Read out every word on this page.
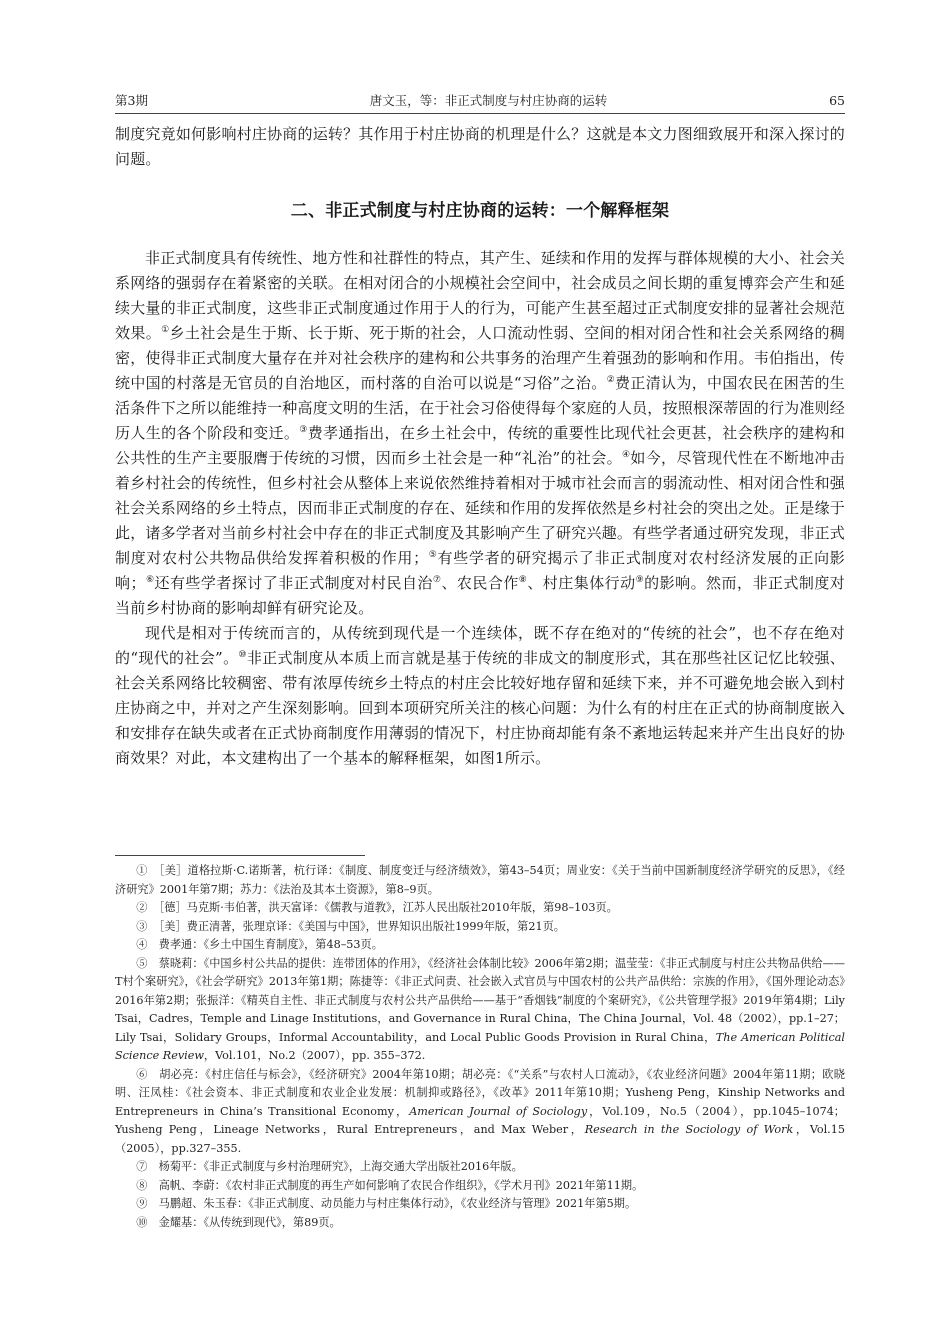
第3期	唐文玉，等：非正式制度与村庄协商的运转	65

制度究竟如何影响村庄协商的运转？其作用于村庄协商的机理是什么？这就是本文力图细致展开和深入探讨的问题。

二、非正式制度与村庄协商的运转：一个解释框架

非正式制度具有传统性、地方性和社群性的特点，其产生、延续和作用的发挥与群体规模的大小、社会关系网络的强弱存在着紧密的关联。在相对闭合的小规模社会空间中，社会成员之间长期的重复博弈会产生和延续大量的非正式制度，这些非正式制度通过作用于人的行为，可能产生甚至超过正式制度安排的显著社会规范效果。①乡土社会是生于斯、长于斯、死于斯的社会，人口流动性弱、空间的相对闭合性和社会关系网络的稠密，使得非正式制度大量存在并对社会秩序的建构和公共事务的治理产生着强劲的影响和作用。韦伯指出，传统中国的村落是无官员的自治地区，而村落的自治可以说是“习俗”之治。②费正清认为，中国农民在困苦的生活条件下之所以能维持一种高度文明的生活，在于社会习俗使得每个家庭的人员，按照根深蒂固的行为准则经历人生的各个阶段和变迁。③费孝通指出，在乡土社会中，传统的重要性比现代社会更甚，社会秩序的建构和公共性的生产主要服膺于传统的习惯，因而乡土社会是一种“礼治”的社会。④如今，尽管现代性在不断地冲击着乡村社会的传统性，但乡村社会从整体上来说依然维持着相对于城市社会而言的弱流动性、相对闭合性和强社会关系网络的乡土特点，因而非正式制度的存在、延续和作用的发挥依然是乡村社会的突出之处。正是缘于此，诸多学者对当前乡村社会中存在的非正式制度及其影响产生了研究兴趣。有些学者通过研究发现，非正式制度对农村公共物品供给发挥着积极的作用；⑤有些学者的研究揭示了非正式制度对农村经济发展的正向影响；⑥还有些学者探讨了非正式制度对村民自治⑦、农民合作⑧、村庄集体行动⑨的影响。然而，非正式制度对当前乡村协商的影响却鲜有研究论及。

现代是相对于传统而言的，从传统到现代是一个连续体，既不存在绝对的“传统的社会”，也不存在绝对的“现代的社会”。⑩非正式制度从本质上而言就是基于传统的非成文的制度形式，其在那些社区记忆比较强、社会关系网络比较稠密、带有浓厚传统乡土特点的村庄会比较好地存留和延续下来，并不可避免地会嵌入到村庄协商之中，并对之产生深刻影响。回到本项研究所关注的核心问题：为什么有的村庄在正式的协商制度嵌入和安排存在缺失或者在正式协商制度作用薄弱的情况下，村庄协商却能有条不紊地运转起来并产生出良好的协商效果？对此，本文建构出了一个基本的解释框架，如图1所示。

①　 ［美］道格拉斯·C.诺斯著，杭行译：《制度、制度变迁与经济绩效》，第43–54页；周业安：《关于当前中国新制度经济学研究的反思》，《经济研究》2001年第7期；苏力：《法治及其本土资源》，第8–9页。

②　 ［德］马克斯·韦伯著，洪天富译：《儒教与道教》，江苏人民出版社2010年版，第98–103页。

③　 ［美］费正清著，张理京译：《美国与中国》，世界知识出版社1999年版，第21页。

④　 费孝通：《乡土中国生育制度》，第48–53页。

⑤　 蔡晓莉：《中国乡村公共品的提供：连带团体的作用》，《经济社会体制比较》2006年第2期；温莹莹：《非正式制度与村庄公共物品供给——T村个案研究》，《社会学研究》2013年第1期；陈捷等：《非正式问责、社会嵌入式官员与中国农村的公共产品供给：宗族的作用》，《国外理论动态》2016年第2期；张振洋：《精英自主性、非正式制度与农村公共产品供给——基于“香烟钱”制度的个案研究》，《公共管理学报》2019年第4期；Lily Tsai，Cadres，Temple and Linage Institutions，and Governance in Rural China，The China Journal，Vol. 48（2002），pp.1–27；Lily Tsai，Solidary Groups，Informal Accountability，and Local Public Goods Provision in Rural China，The American Political Science Review，Vol.101，No.2（2007），pp. 355–372.

⑥　 胡必亮：《村庄信任与标会》，《经济研究》2004年第10期；胡必亮：《“关系”与农村人口流动》，《农业经济问题》2004年第11期；欧晓明、汪凤桂：《社会资本、非正式制度和农业企业发展：机制抑或路径》，《改革》2011年第10期；Yusheng Peng，Kinship Networks and Entrepreneurs in China’s Transitional Economy，American Journal of Sociology，Vol.109，No.5（2004），pp.1045–1074；Yusheng Peng，Lineage Networks，Rural Entrepreneurs，and Max Weber，Research in the Sociology of Work，Vol.15（2005），pp.327–355.

⑦　 杨菊平：《非正式制度与乡村治理研究》，上海交通大学出版社2016年版。

⑧　 高帆、李蔚：《农村非正式制度的再生产如何影响了农民合作组织》，《学术月刊》2021年第11期。

⑨　 马鹏超、朱玉春：《非正式制度、动员能力与村庄集体行动》，《农业经济与管理》2021年第5期。

⑩　 金耀基：《从传统到现代》，第89页。
